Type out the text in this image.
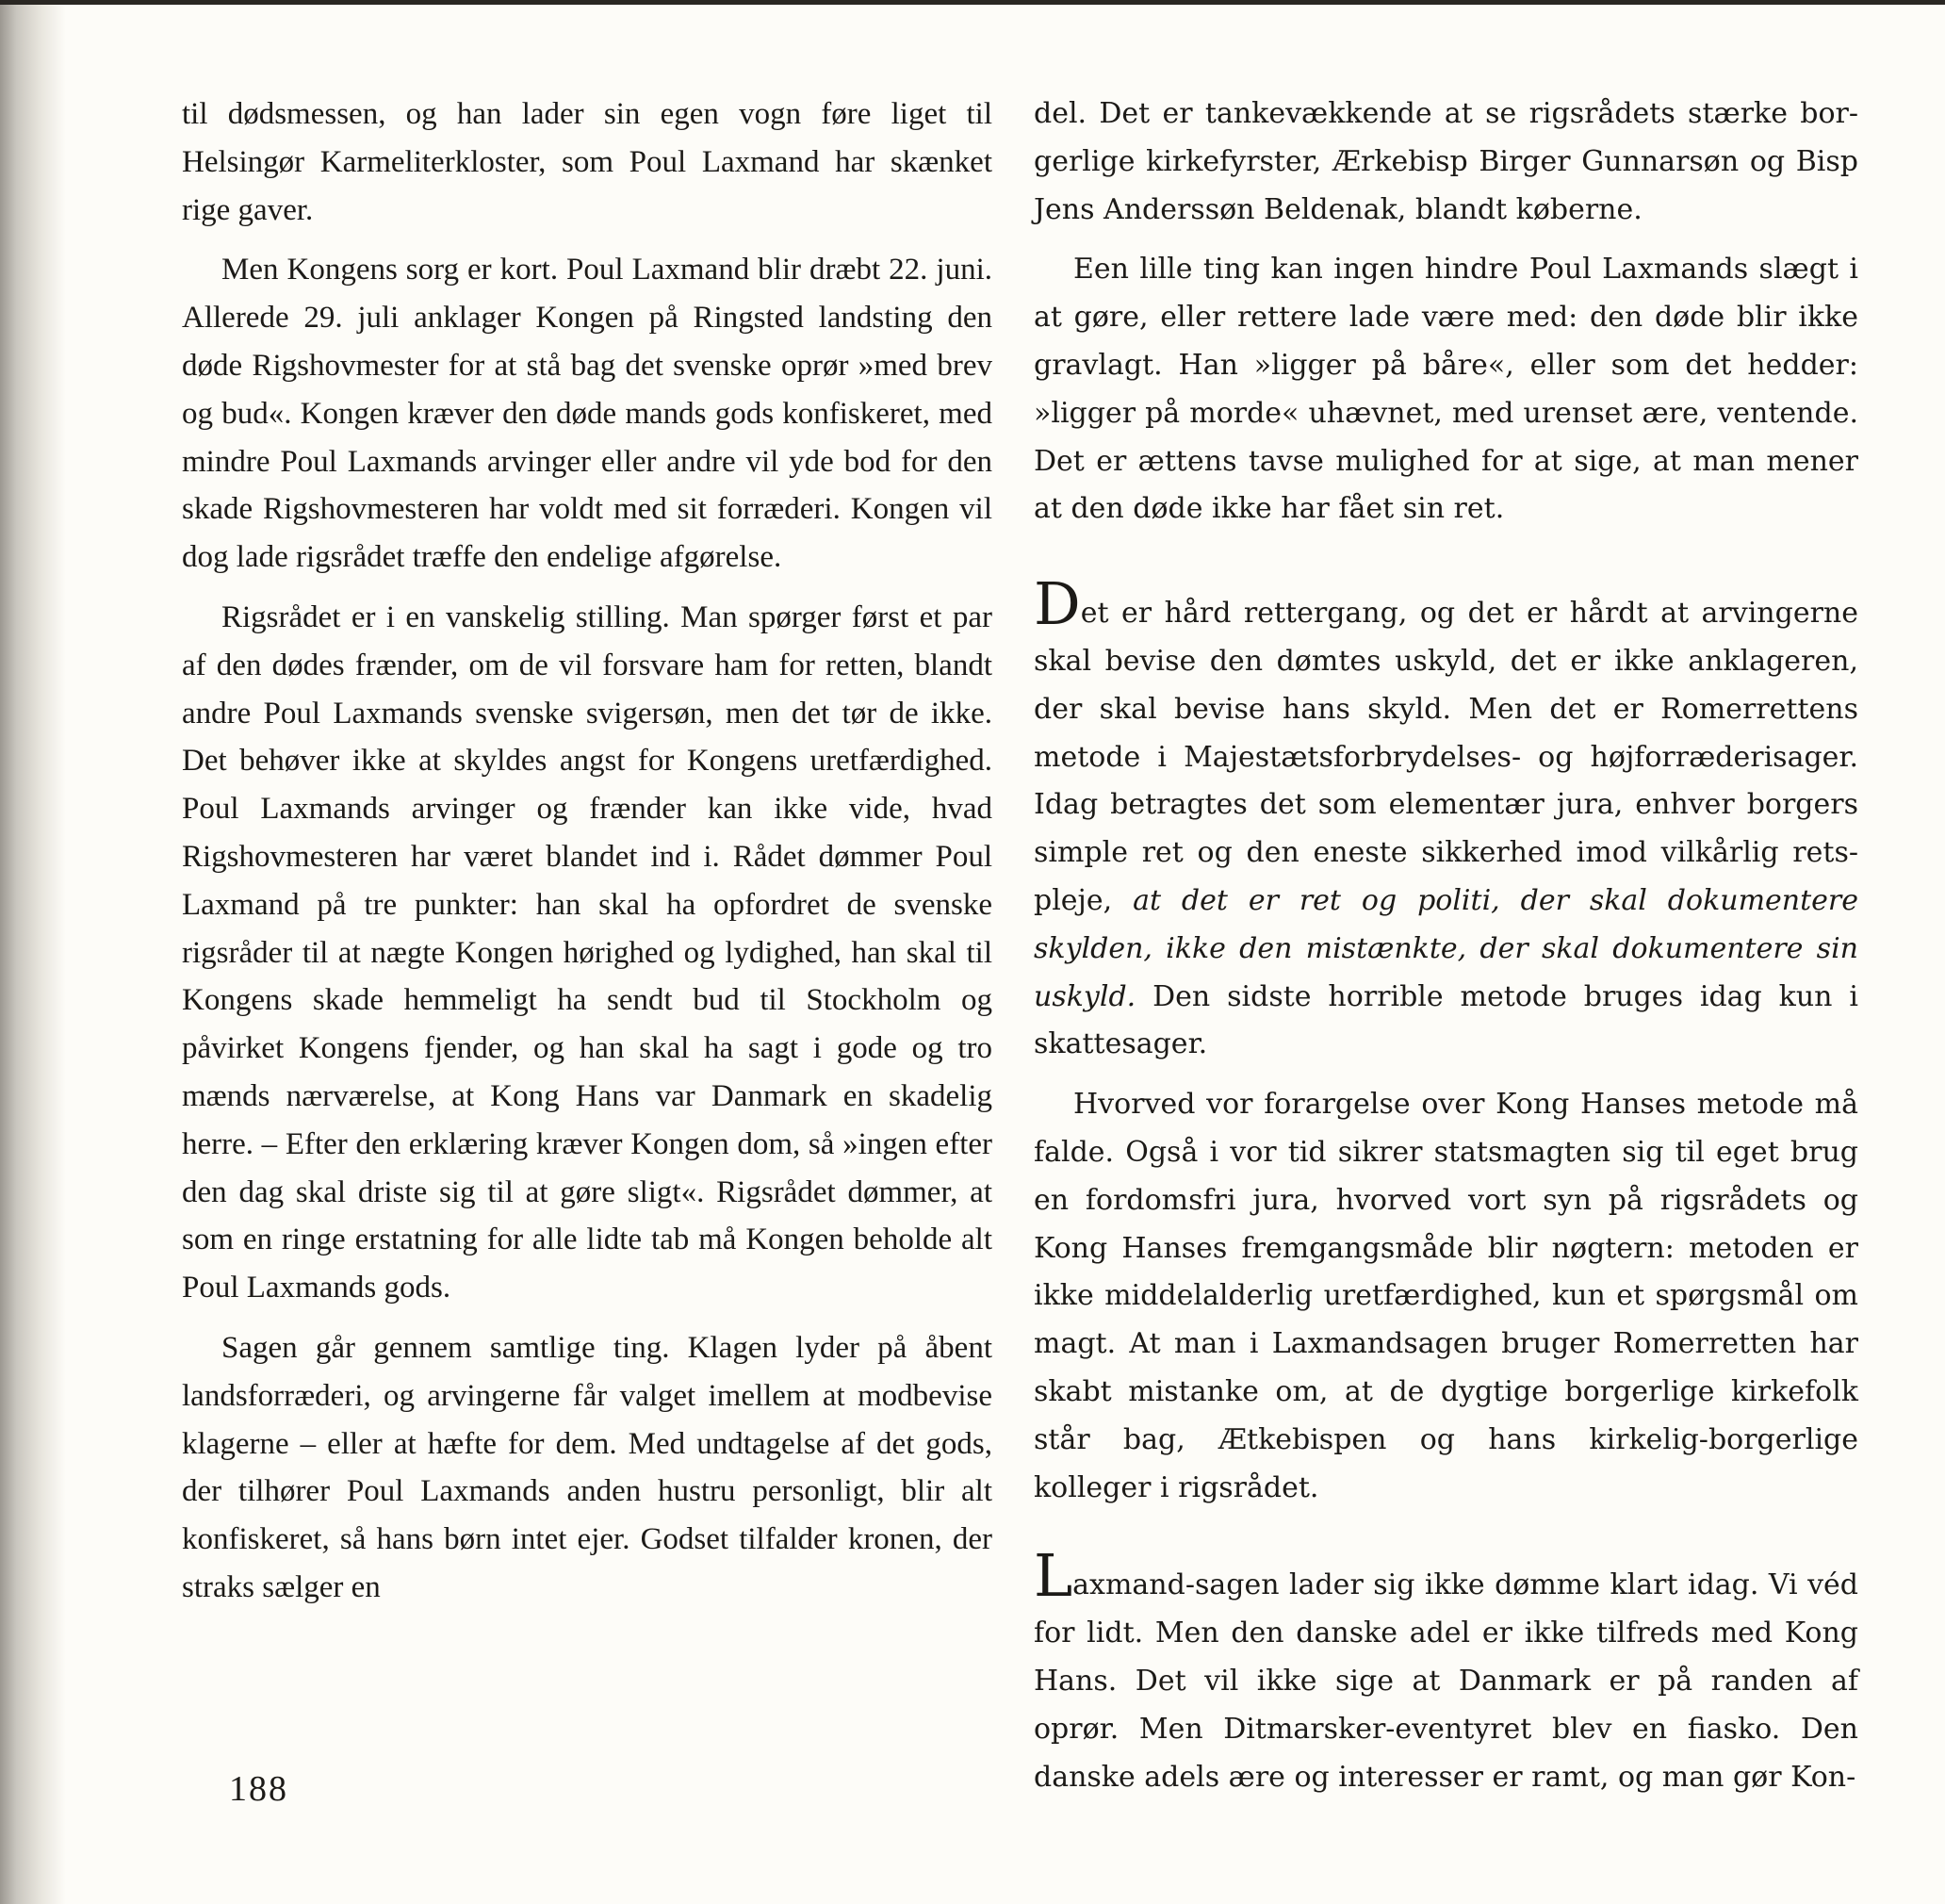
til dødsmessen, og han lader sin egen vogn føre liget til Helsingør Karmeliterkloster, som Poul Laxmand har skænket rige gaver.

Men Kongens sorg er kort. Poul Laxmand blir dræbt 22. juni. Allerede 29. juli anklager Kongen på Ringsted landsting den døde Rigshovmester for at stå bag det svenske oprør »med brev og bud«. Kongen kræver den døde mands gods konfiskeret, med mindre Poul Laxmands arvinger eller andre vil yde bod for den skade Rigshovmesteren har voldt med sit forræderi. Kongen vil dog lade rigsrådet træffe den endelige afgørelse.

Rigsrådet er i en vanskelig stilling. Man spørger først et par af den dødes frænder, om de vil forsvare ham for retten, blandt andre Poul Laxmands svenske svigersøn, men det tør de ikke. Det behøver ikke at skyldes angst for Kongens uretfærdighed. Poul Laxmands arvinger og frænder kan ikke vide, hvad Rigshovmesteren har været blandet ind i. Rådet dømmer Poul Laxmand på tre punkter: han skal ha opfordret de svenske rigsråder til at nægte Kongen hørighed og lydighed, han skal til Kongens skade hemmeligt ha sendt bud til Stockholm og påvirket Kongens fjender, og han skal ha sagt i gode og tro mænds nærværelse, at Kong Hans var Danmark en skadelig herre. – Efter den erklæring kræver Kongen dom, så »ingen efter den dag skal driste sig til at gøre sligt«. Rigsrådet dømmer, at som en ringe erstatning for alle lidte tab må Kongen beholde alt Poul Laxmands gods.

Sagen går gennem samtlige ting. Klagen lyder på åbent landsforræderi, og arvingerne får valget imellem at modbevise klagerne – eller at hæfte for dem. Med undtagelse af det gods, der tilhører Poul Laxmands anden hustru personligt, blir alt konfiskeret, så hans børn intet ejer. Godset tilfalder kronen, der straks sælger en

del. Det er tankevækkende at se rigsrådets stærke borgerlige kirkefyrster, Ærkebisp Birger Gunnarsøn og Bisp Jens Anderssøn Beldenak, blandt køberne.

Een lille ting kan ingen hindre Poul Laxmands slægt i at gøre, eller rettere lade være med: den døde blir ikke gravlagt. Han »ligger på båre«, eller som det hedder: »ligger på morde« uhævnet, med urenset ære, ventende. Det er ættens tavse mulighed for at sige, at man mener at den døde ikke har fået sin ret.

Det er hård rettergang, og det er hårdt at arvingerne skal bevise den dømtes uskyld, det er ikke anklageren, der skal bevise hans skyld. Men det er Romerrettens metode i Majestætsforbrydelses- og højforræderisager. Idag betragtes det som elementær jura, enhver borgers simple ret og den eneste sikkerhed imod vilkårlig retspleje, at det er ret og politi, der skal dokumentere skylden, ikke den mistænkte, der skal dokumentere sin uskyld. Den sidste horrible metode bruges idag kun i skattesager.

Hvorved vor forargelse over Kong Hanses metode må falde. Også i vor tid sikrer statsmagten sig til eget brug en fordomsfri jura, hvorved vort syn på rigsrådets og Kong Hanses fremgangsmåde blir nøgtern: metoden er ikke middelalderlig uretfærdighed, kun et spørgsmål om magt. At man i Laxmandsagen bruger Romerretten har skabt mistanke om, at de dygtige borgerlige kirkefolk står bag, Ætkebispen og hans kirkelig-borgerlige kolleger i rigsrådet.

Laxmand-sagen lader sig ikke dømme klart idag. Vi véd for lidt. Men den danske adel er ikke tilfreds med Kong Hans. Det vil ikke sige at Danmark er på randen af oprør. Men Ditmarsker-eventyret blev en fiasko. Den danske adels ære og interesser er ramt, og man gør Kon-

188
